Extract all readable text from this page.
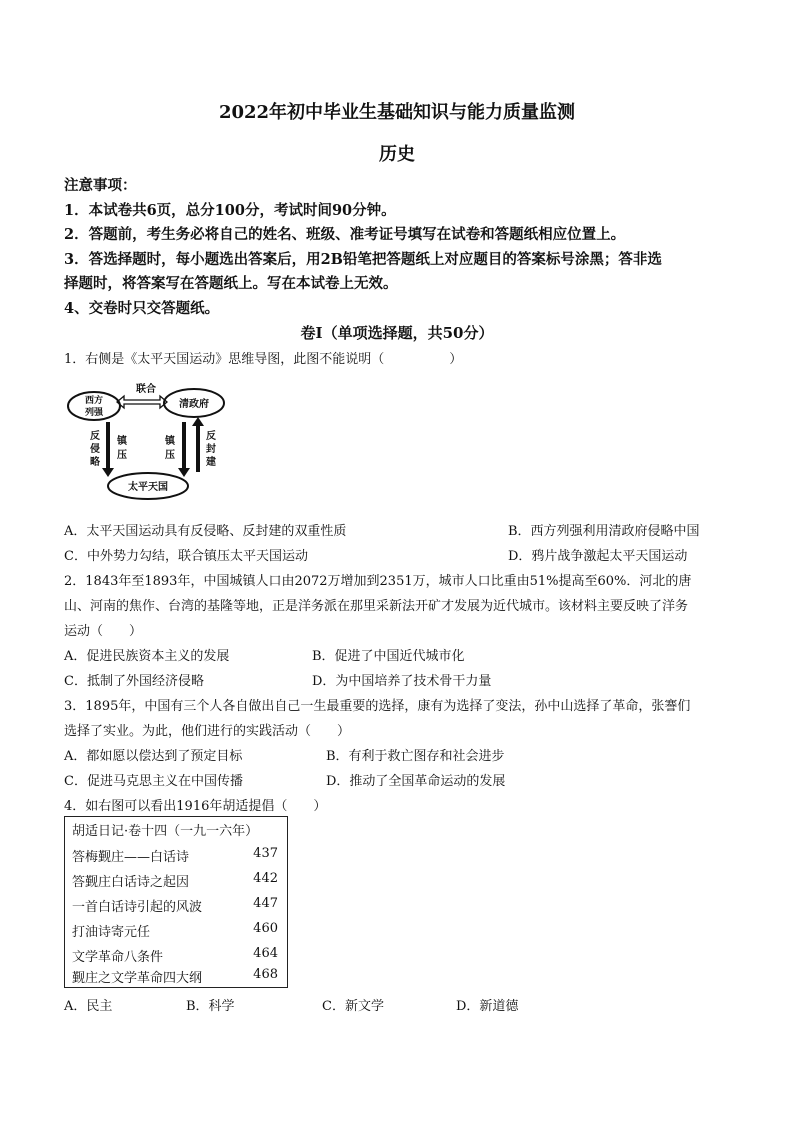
2022年初中毕业生基础知识与能力质量监测
历史
注意事项：
1．本试卷共6页，总分100分，考试时间90分钟。
2．答题前，考生务必将自己的姓名、班级、准考证号填写在试卷和答题纸相应位置上。
3．答选择题时，每小题选出答案后，用2B铅笔把答题纸上对应题目的答案标号涂黑；答非选
择题时，将答案写在答题纸上。写在本试卷上无效。
4、交卷时只交答题纸。
卷Ⅰ（单项选择题，共50分）
1．右侧是《太平天国运动》思维导图，此图不能说明（　　　　　）
西方
列强
清政府
太平天国
联合
反
侵
略
镇
压
镇
压
反
封
建
A．太平天国运动具有反侵略、反封建的双重性质	B．西方列强利用清政府侵略中国
C．中外势力勾结，联合镇压太平天国运动	D．鸦片战争激起太平天国运动
2．1843年至1893年，中国城镇人口由2072万增加到2351万，城市人口比重由51%提高至60%．河北的唐
山、河南的焦作、台湾的基隆等地，正是洋务派在那里采新法开矿才发展为近代城市。该材料主要反映了洋务
运动（　　）
A．促进民族资本主义的发展	B．促进了中国近代城市化
C．抵制了外国经济侵略	D．为中国培养了技术骨干力量
3．1895年，中国有三个人各自做出自己一生最重要的选择，康有为选择了变法，孙中山选择了革命，张謇们
选择了实业。为此，他们进行的实践活动（　　）
A．都如愿以偿达到了预定目标	B．有利于救亡图存和社会进步
C．促进马克思主义在中国传播	D．推动了全国革命运动的发展
4．如右图可以看出1916年胡适提倡（　　）
胡适日记·卷十四（一九一六年）
答梅觐庄——白话诗	437
答觐庄白话诗之起因	442
一首白话诗引起的风波	447
打油诗寄元任	460
文学革命八条件	464
觐庄之文学革命四大纲	468
A．民主	B．科学	C．新文学	D．新道德
